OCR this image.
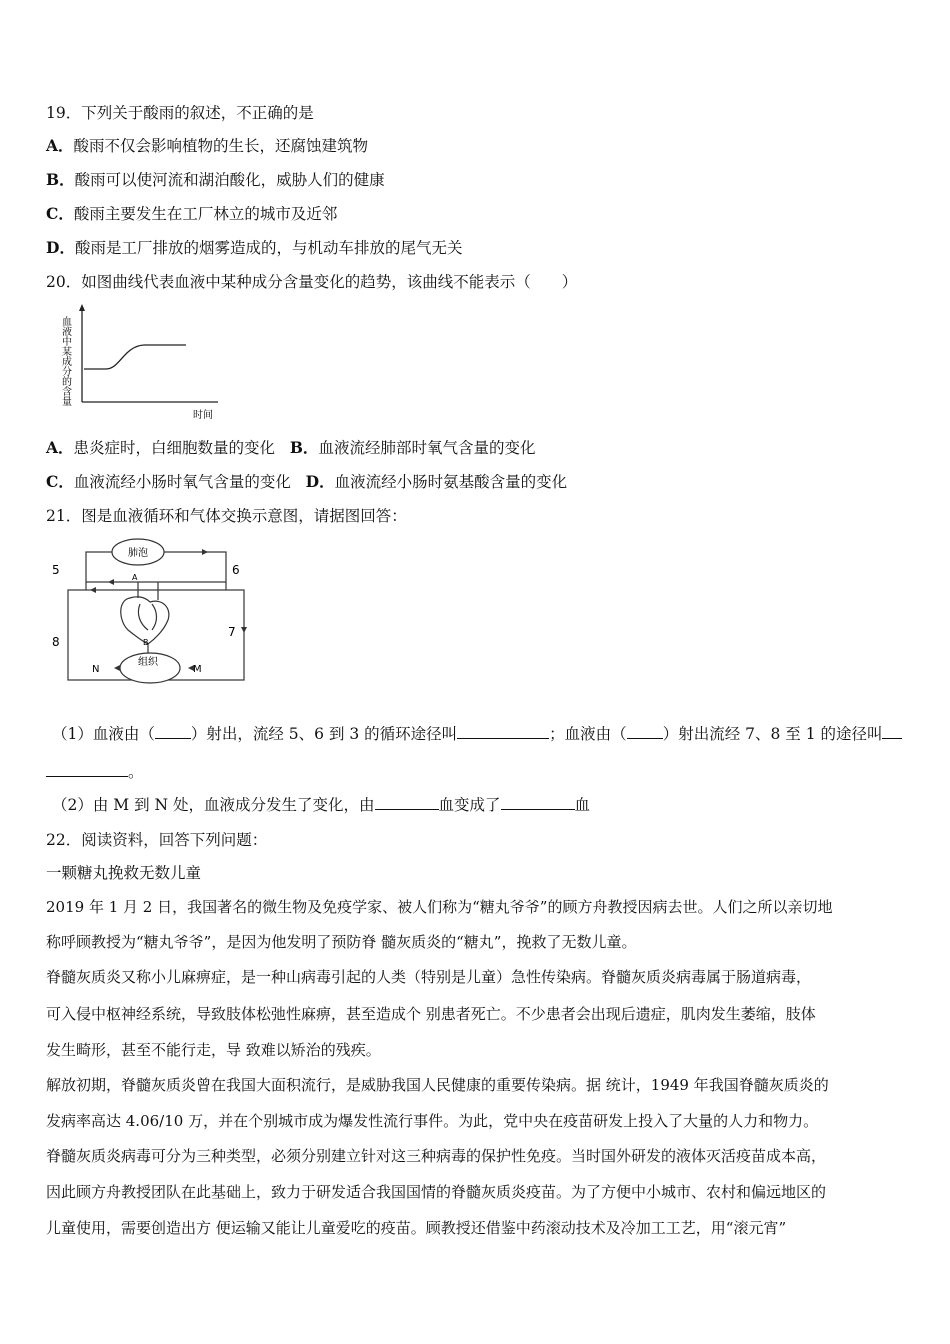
19．下列关于酸雨的叙述，不正确的是
A．酸雨不仅会影响植物的生长，还腐蚀建筑物
B．酸雨可以使河流和湖泊酸化，威胁人们的健康
C．酸雨主要发生在工厂林立的城市及近邻
D．酸雨是工厂排放的烟雾造成的，与机动车排放的尾气无关
20．如图曲线代表血液中某种成分含量变化的趋势，该曲线不能表示（　　）
血液中某成分的含量
时间
A．患炎症时，白细胞数量的变化 B．血液流经肺部时氧气含量的变化
C．血液流经小肠时氧气含量的变化 D．血液流经小肠时氨基酸含量的变化
21．图是血液循环和气体交换示意图，请据图回答：
5	6
7
8
肺泡
组织
A
B
M
N
（1）血液由（ ）射出，流经 5、6 到 3 的循环途径叫	；血液由（ ）射出流经 7、8 至 1 的途径叫
。
（2）由 M 到 N 处，血液成分发生了变化，由	血变成了	血
22．阅读资料，回答下列问题：
一颗糖丸挽救无数儿童
2019 年 1 月 2 日，我国著名的微生物及免疫学家、被人们称为“糖丸爷爷”的顾方舟教授因病去世。人们之所以亲切地
称呼顾教授为“糖丸爷爷”，是因为他发明了预防脊 髓灰质炎的“糖丸”，挽救了无数儿童。
脊髓灰质炎又称小儿麻痹症，是一种山病毒引起的人类（特别是儿童）急性传染病。脊髓灰质炎病毒属于肠道病毒，
可入侵中枢神经系统，导致肢体松弛性麻痹，甚至造成个 别患者死亡。不少患者会出现后遗症，肌肉发生萎缩，肢体
发生畸形，甚至不能行走，导 致难以矫治的残疾。
解放初期，脊髓灰质炎曾在我国大面积流行，是威胁我国人民健康的重要传染病。据 统计，1949 年我国脊髓灰质炎的
发病率高达 4.06/10 万，并在个别城市成为爆发性流行事件。为此，党中央在疫苗研发上投入了大量的人力和物力。
脊髓灰质炎病毒可分为三种类型，必须分别建立针对这三种病毒的保护性免疫。当时国外研发的液体灭活疫苗成本高，
因此顾方舟教授团队在此基础上，致力于研发适合我国国情的脊髓灰质炎疫苗。为了方便中小城市、农村和偏远地区的
儿童使用，需要创造出方 便运输又能让儿童爱吃的疫苗。顾教授还借鉴中药滚动技术及冷加工工艺，用“滚元宵”
